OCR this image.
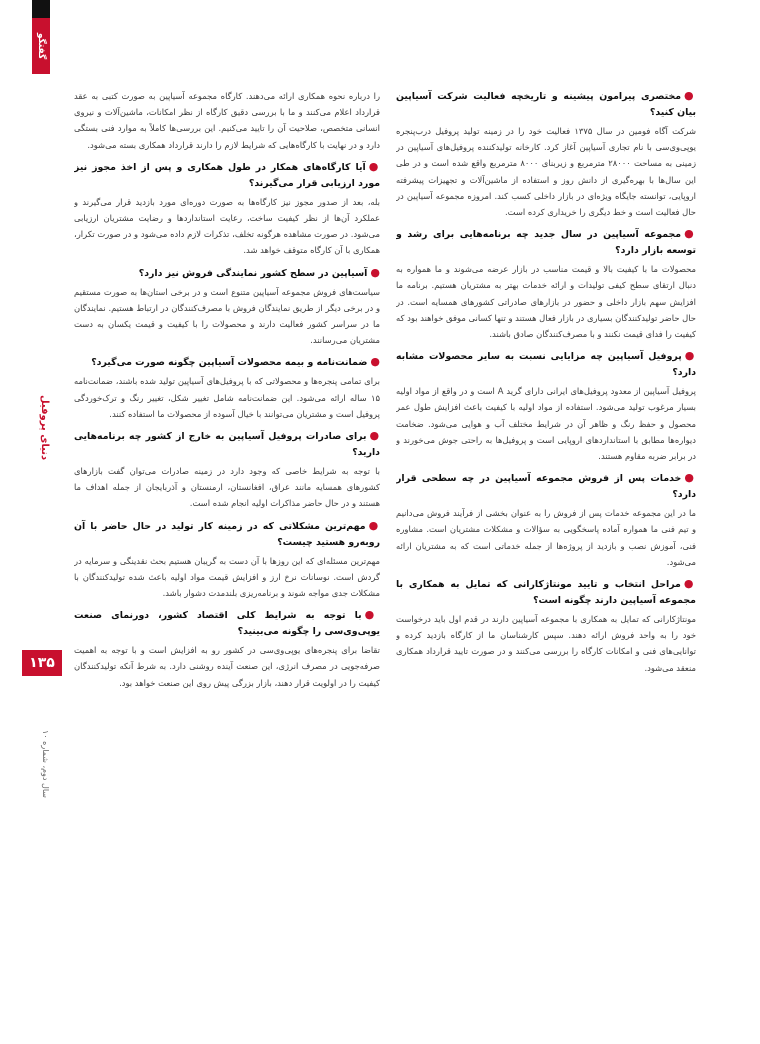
گفتگو
دنیای پروفیل
سال دوم، شماره ۱۰
۱۳۵

●مختصری پیرامون پیشینه و تاریخچه فعالیت شرکت آسیاپین بیان کنید؟

شرکت آگاه فومین در سال ۱۳۷۵ فعالیت خود را در زمینه تولید پروفیل درب‌پنجره یو‌پی‌وی‌سی با نام تجاری آسیاپین آغاز کرد. کارخانه تولیدکننده پروفیل‌های آسیاپین در زمینی به مساحت ۲۸۰۰۰ مترمربع و زیربنای ۸۰۰۰ مترمربع واقع شده است و در طی این سال‌ها با بهره‌گیری از دانش روز و استفاده از ماشین‌آلات و تجهیزات پیشرفته اروپایی، توانسته جایگاه ویژه‌ای در بازار داخلی کسب کند. امروزه مجموعه آسیاپین در حال فعالیت است و خط دیگری را خریداری کرده است.

●مجموعه آسیاپین در سال جدید چه برنامه‌هایی برای رشد و توسعه بازار دارد؟

محصولات ما با کیفیت بالا و قیمت مناسب در بازار عرضه می‌شوند و ما همواره به دنبال ارتقای سطح کیفی تولیدات و ارائه خدمات بهتر به مشتریان هستیم. برنامه ما افزایش سهم بازار داخلی و حضور در بازارهای صادراتی کشورهای همسایه است. در حال حاضر تولیدکنندگان بسیاری در بازار فعال هستند و تنها کسانی موفق خواهند بود که کیفیت را فدای قیمت نکنند و با مصرف‌کنندگان صادق باشند.

●پروفیل آسیاپین چه مزایایی نسبت به سایر محصولات مشابه دارد؟

پروفیل آسیاپین از معدود پروفیل‌های ایرانی دارای گرید A است و در واقع از مواد اولیه بسیار مرغوب تولید می‌شود. استفاده از مواد اولیه با کیفیت باعث افزایش طول عمر محصول و حفظ رنگ و ظاهر آن در شرایط مختلف آب و هوایی می‌شود. ضخامت دیواره‌ها مطابق با استانداردهای اروپایی است و پروفیل‌ها به راحتی جوش می‌خورند و در برابر ضربه مقاوم هستند.

●خدمات پس از فروش مجموعه آسیاپین در چه سطحی قرار دارد؟

ما در این مجموعه خدمات پس از فروش را به عنوان بخشی از فرآیند فروش می‌دانیم و تیم فنی ما همواره آماده پاسخگویی به سؤالات و مشکلات مشتریان است. مشاوره فنی، آموزش نصب و بازدید از پروژه‌ها از جمله خدماتی است که به مشتریان ارائه می‌شود.

●مراحل انتخاب و تایید مونتاژکارانی که تمایل به همکاری با مجموعه آسیاپین دارند چگونه است؟

مونتاژکارانی که تمایل به همکاری با مجموعه آسیاپین دارند در قدم اول باید درخواست خود را به واحد فروش ارائه دهند. سپس کارشناسان ما از کارگاه بازدید کرده و توانایی‌های فنی و امکانات کارگاه را بررسی می‌کنند و در صورت تایید قرارداد همکاری منعقد می‌شود.

را درباره نحوه همکاری ارائه می‌دهند. کارگاه مجموعه آسیاپین به صورت کتبی به عقد قرارداد اعلام می‌کنند و ما با بررسی دقیق کارگاه از نظر امکانات، ماشین‌آلات و نیروی انسانی متخصص، صلاحیت آن را تایید می‌کنیم. این بررسی‌ها کاملاً به موارد فنی بستگی دارد و در نهایت با کارگاه‌هایی که شرایط لازم را دارند قرارداد همکاری بسته می‌شود.

●آیا کارگاه‌های همکار در طول همکاری و پس از اخذ مجوز نیز مورد ارزیابی قرار می‌گیرند؟

بله، بعد از صدور مجوز نیز کارگاه‌ها به صورت دوره‌ای مورد بازدید قرار می‌گیرند و عملکرد آن‌ها از نظر کیفیت ساخت، رعایت استانداردها و رضایت مشتریان ارزیابی می‌شود. در صورت مشاهده هرگونه تخلف، تذکرات لازم داده می‌شود و در صورت تکرار، همکاری با آن کارگاه متوقف خواهد شد.

●آسیاپین در سطح کشور نمایندگی فروش نیز دارد؟

سیاست‌های فروش مجموعه آسیاپین متنوع است و در برخی استان‌ها به صورت مستقیم و در برخی دیگر از طریق نمایندگان فروش با مصرف‌کنندگان در ارتباط هستیم. نمایندگان ما در سراسر کشور فعالیت دارند و محصولات را با کیفیت و قیمت یکسان به دست مشتریان می‌رسانند.

●ضمانت‌نامه و بیمه محصولات آسیاپین چگونه صورت می‌گیرد؟

برای تمامی پنجره‌ها و محصولاتی که با پروفیل‌های آسیاپین تولید شده باشند، ضمانت‌نامه ۱۵ ساله ارائه می‌شود. این ضمانت‌نامه شامل تغییر شکل، تغییر رنگ و ترک‌خوردگی پروفیل است و مشتریان می‌توانند با خیال آسوده از محصولات ما استفاده کنند.

●برای صادرات پروفیل آسیاپین به خارج از کشور چه برنامه‌هایی دارید؟

با توجه به شرایط خاصی که وجود دارد در زمینه صادرات می‌توان گفت بازارهای کشورهای همسایه مانند عراق، افغانستان، ارمنستان و آذربایجان از جمله اهداف ما هستند و در حال حاضر مذاکرات اولیه انجام شده است.

●مهم‌ترین مشکلاتی که در زمینه کار تولید در حال حاضر با آن روبه‌رو هستید چیست؟

مهم‌ترین مسئله‌ای که این روزها با آن دست به گریبان هستیم بحث نقدینگی و سرمایه در گردش است. نوسانات نرخ ارز و افزایش قیمت مواد اولیه باعث شده تولیدکنندگان با مشکلات جدی مواجه شوند و برنامه‌ریزی بلندمدت دشوار باشد.

●با توجه به شرایط کلی اقتصاد کشور، دورنمای صنعت یو‌پی‌وی‌سی را چگونه می‌بینید؟

تقاضا برای پنجره‌های یو‌پی‌وی‌سی در کشور رو به افزایش است و با توجه به اهمیت صرفه‌جویی در مصرف انرژی، این صنعت آینده روشنی دارد. به شرط آنکه تولیدکنندگان کیفیت را در اولویت قرار دهند، بازار بزرگی پیش روی این صنعت خواهد بود.
